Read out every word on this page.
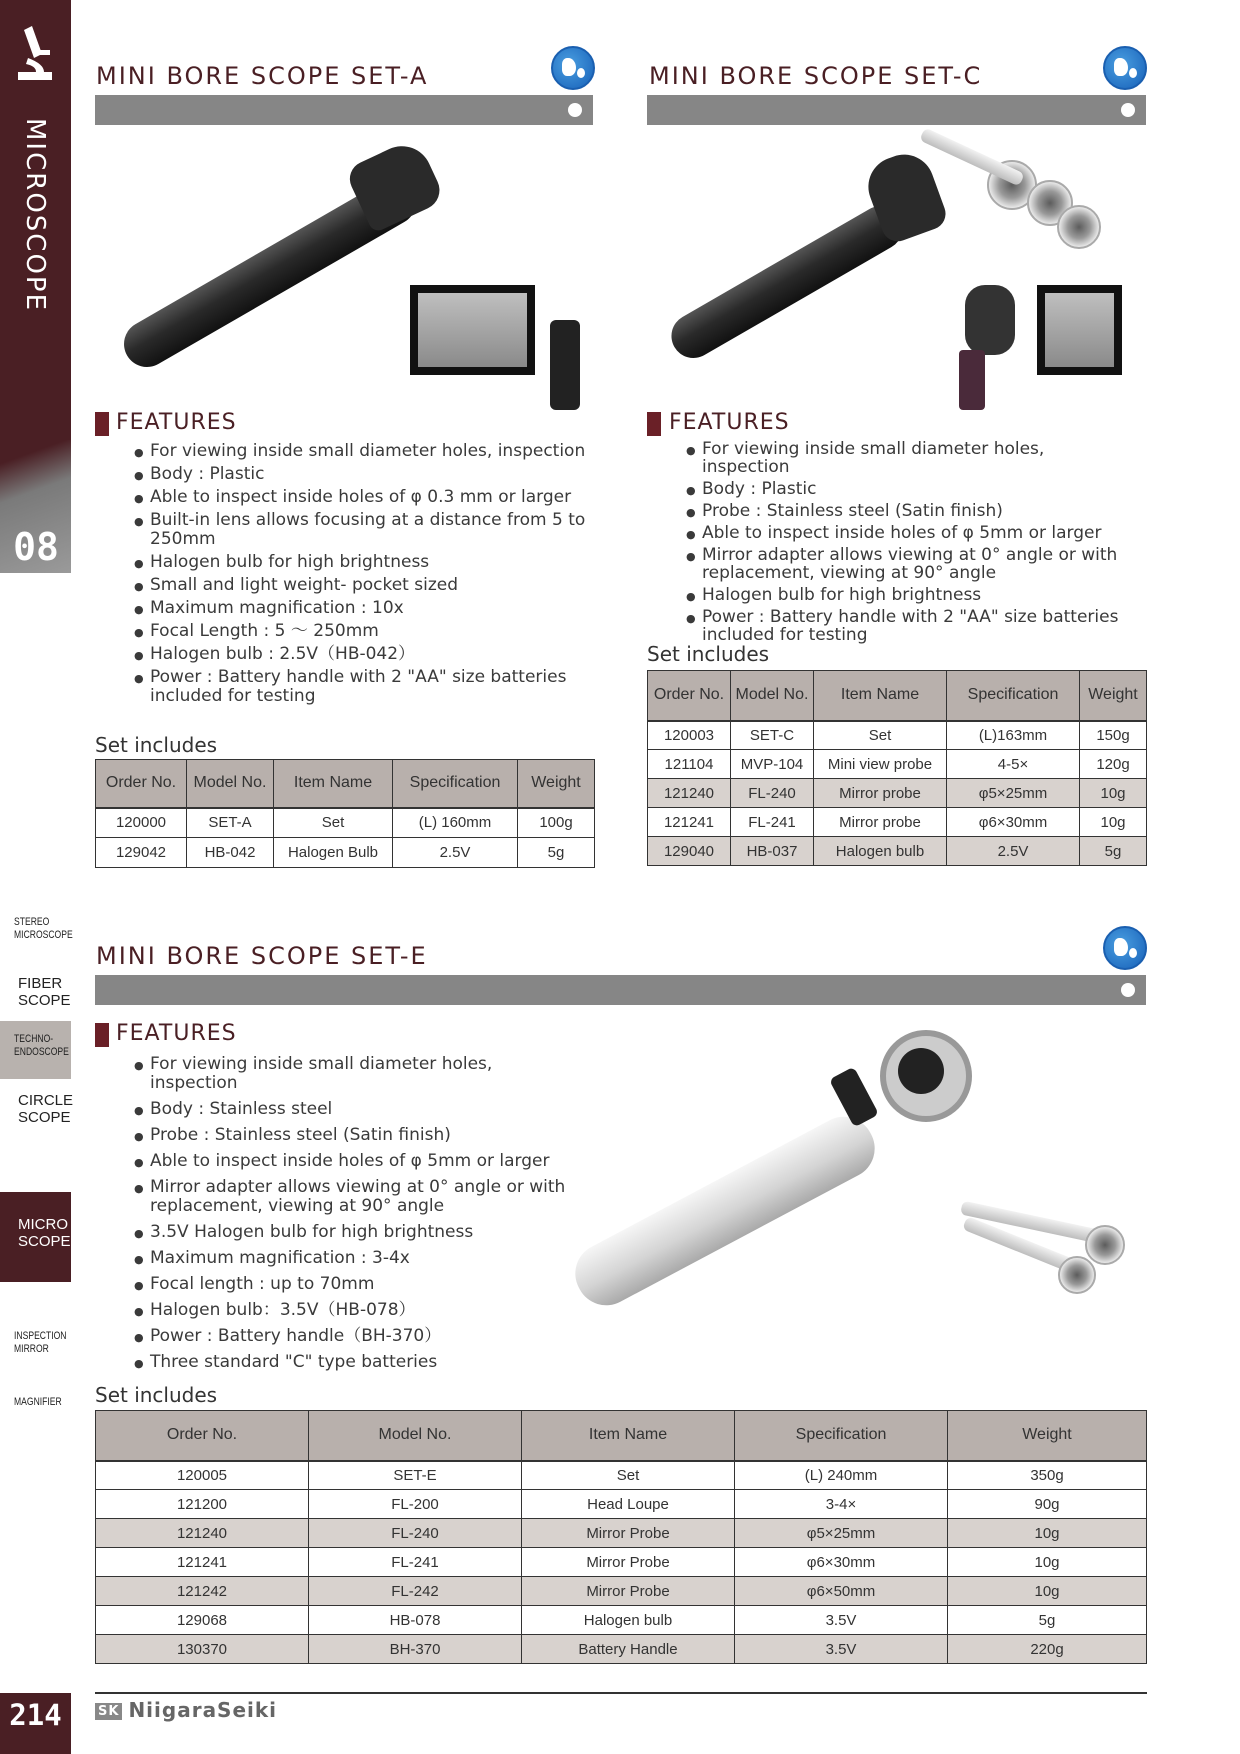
MICROSCOPE
08
STEREO
MICROSCOPE
FIBER
SCOPE
TECHNO-
ENDOSCOPE
CIRCLE
SCOPE
MICRO
SCOPE
INSPECTION
MIRROR
MAGNIFIER
214
MINI BORE SCOPE SET-A
FEATURES
● For viewing inside small diameter holes, inspection
● Body : Plastic
● Able to inspect inside holes of φ 0.3 mm or larger
● Built-in lens allows focusing at a distance from 5 to 250mm
● Halogen bulb for high brightness
● Small and light weight- pocket sized
● Maximum magnification : 10x
● Focal Length : 5 ～ 250mm
● Halogen bulb : 2.5V（HB-042）
● Power : Battery handle with 2 "AA" size batteries included for testing
Set includes
Order No.	Model No.	Item Name	Specification	Weight
120000	SET-A	Set	(L) 160mm	100g
129042	HB-042	Halogen Bulb	2.5V	5g
MINI BORE SCOPE SET-C
FEATURES
● For viewing inside small diameter holes, inspection
● Body : Plastic
● Probe : Stainless steel (Satin finish)
● Able to inspect inside holes of φ 5mm or larger
● Mirror adapter allows viewing at 0° angle or with replacement, viewing at 90° angle
● Halogen bulb for high brightness
● Power : Battery handle with 2 "AA" size batteries included for testing
Set includes
Order No.	Model No.	Item Name	Specification	Weight
120003	SET-C	Set	(L)163mm	150g
121104	MVP-104	Mini view probe	4-5×	120g
121240	FL-240	Mirror probe	φ5×25mm	10g
121241	FL-241	Mirror probe	φ6×30mm	10g
129040	HB-037	Halogen bulb	2.5V	5g
MINI BORE SCOPE SET-E
FEATURES
● For viewing inside small diameter holes, inspection
● Body : Stainless steel
● Probe : Stainless steel (Satin finish)
● Able to inspect inside holes of φ 5mm or larger
● Mirror adapter allows viewing at 0° angle or with replacement, viewing at 90° angle
● 3.5V Halogen bulb for high brightness
● Maximum magnification : 3-4x
● Focal length : up to 70mm
● Halogen bulb：3.5V（HB-078）
● Power : Battery handle（BH-370）
● Three standard "C" type batteries
Set includes
Order No.	Model No.	Item Name	Specification	Weight
120005	SET-E	Set	(L) 240mm	350g
121200	FL-200	Head Loupe	3-4×	90g
121240	FL-240	Mirror Probe	φ5×25mm	10g
121241	FL-241	Mirror Probe	φ6×30mm	10g
121242	FL-242	Mirror Probe	φ6×50mm	10g
129068	HB-078	Halogen bulb	3.5V	5g
130370	BH-370	Battery Handle	3.5V	220g
SK NiigaraSeiki
